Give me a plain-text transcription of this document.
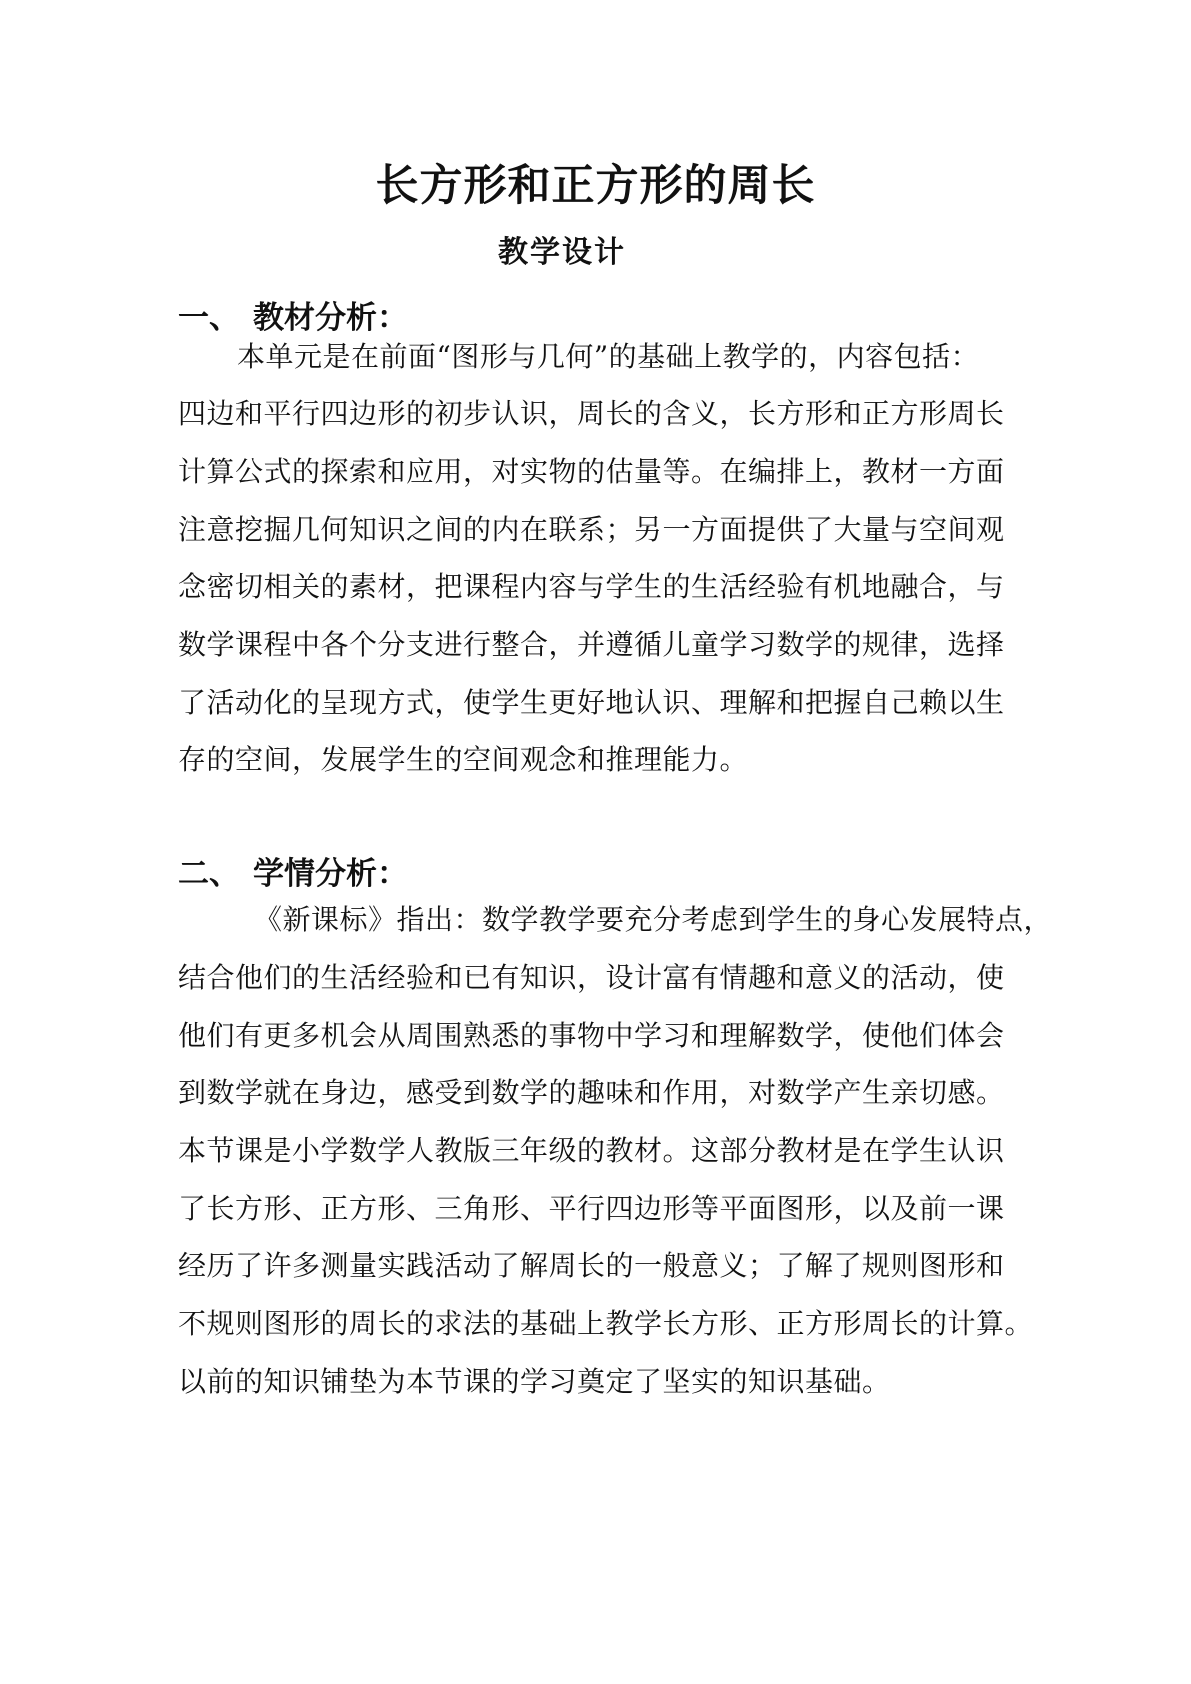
长方形和正方形的周长
教学设计
一、 教材分析：
本单元是在前面“图形与几何”的基础上教学的，内容包括：
四边和平行四边形的初步认识，周长的含义，长方形和正方形周长
计算公式的探索和应用，对实物的估量等。在编排上，教材一方面
注意挖掘几何知识之间的内在联系；另一方面提供了大量与空间观
念密切相关的素材，把课程内容与学生的生活经验有机地融合，与
数学课程中各个分支进行整合，并遵循儿童学习数学的规律，选择
了活动化的呈现方式，使学生更好地认识、理解和把握自己赖以生
存的空间，发展学生的空间观念和推理能力。
二、 学情分析：
《新课标》指出：数学教学要充分考虑到学生的身心发展特点，
结合他们的生活经验和已有知识，设计富有情趣和意义的活动，使
他们有更多机会从周围熟悉的事物中学习和理解数学，使他们体会
到数学就在身边，感受到数学的趣味和作用，对数学产生亲切感。
本节课是小学数学人教版三年级的教材。这部分教材是在学生认识
了长方形、正方形、三角形、平行四边形等平面图形，以及前一课
经历了许多测量实践活动了解周长的一般意义；了解了规则图形和
不规则图形的周长的求法的基础上教学长方形、正方形周长的计算。
以前的知识铺垫为本节课的学习奠定了坚实的知识基础。
